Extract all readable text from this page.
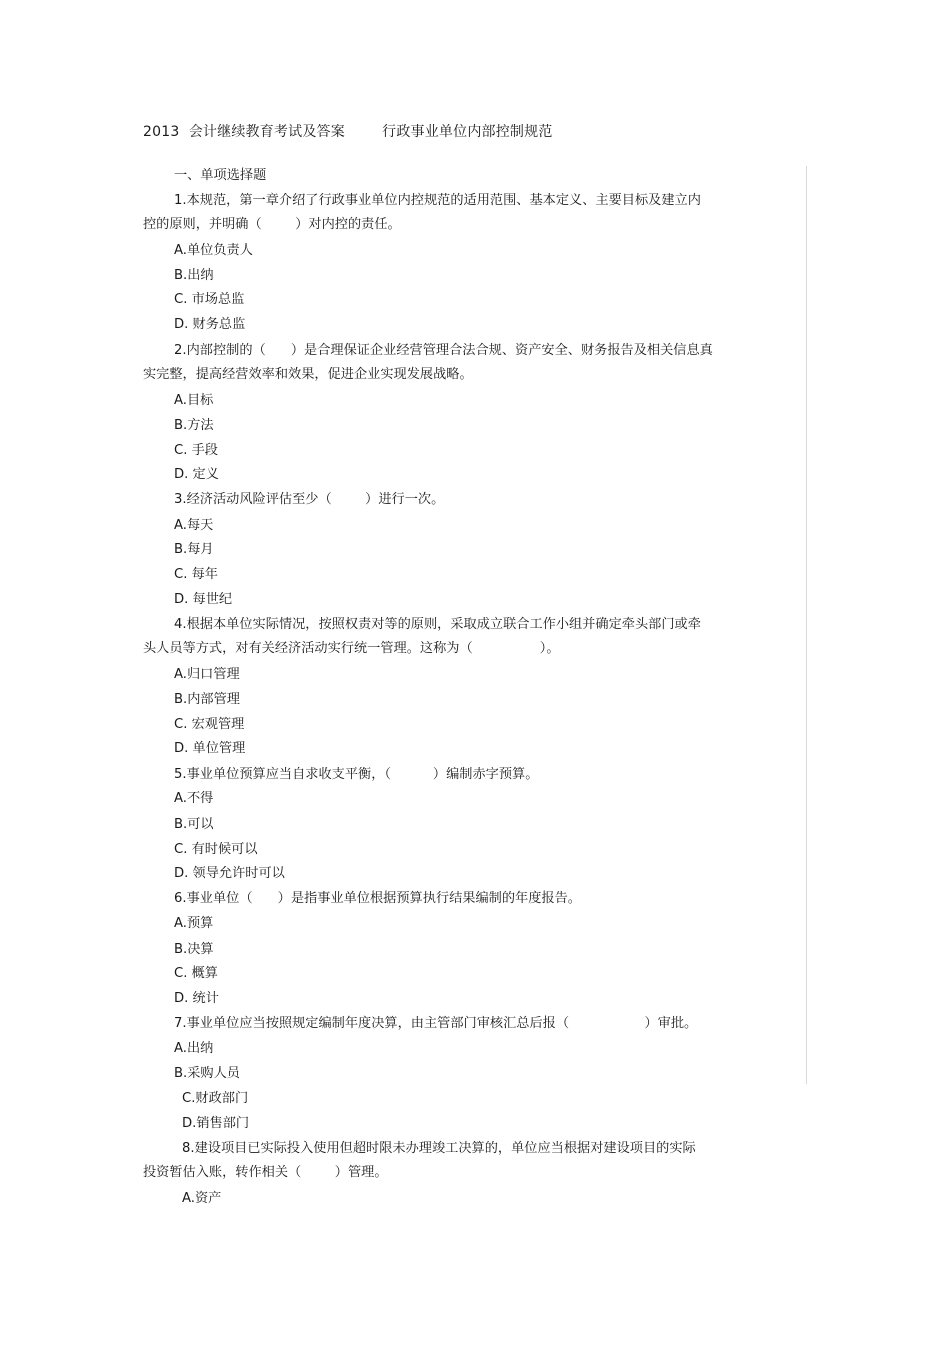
2013  会计继续教育考试及答案        行政事业单位内部控制规范
一、单项选择题
1.本规范，第一章介绍了行政事业单位内控规范的适用范围、基本定义、主要目标及建立内
控的原则，并明确（        ）对内控的责任。
A.单位负责人
B.出纳
C. 市场总监
D. 财务总监
2.内部控制的（      ）是合理保证企业经营管理合法合规、资产安全、财务报告及相关信息真
实完整，提高经营效率和效果，促进企业实现发展战略。
A.目标
B.方法
C. 手段
D. 定义
3.经济活动风险评估至少（        ）进行一次。
A.每天
B.每月
C. 每年
D. 每世纪
4.根据本单位实际情况，按照权责对等的原则，采取成立联合工作小组并确定牵头部门或牵
头人员等方式，对有关经济活动实行统一管理。这称为（                ）。
A.归口管理
B.内部管理
C. 宏观管理
D. 单位管理
5.事业单位预算应当自求收支平衡，（          ）编制赤字预算。
A.不得
B.可以
C. 有时候可以
D. 领导允许时可以
6.事业单位（      ）是指事业单位根据预算执行结果编制的年度报告。
A.预算
B.决算
C. 概算
D. 统计
7.事业单位应当按照规定编制年度决算，由主管部门审核汇总后报（                  ）审批。
A.出纳
B.采购人员
C.财政部门
D.销售部门
8.建设项目已实际投入使用但超时限未办理竣工决算的，单位应当根据对建设项目的实际
投资暂估入账，转作相关（        ）管理。
A.资产
